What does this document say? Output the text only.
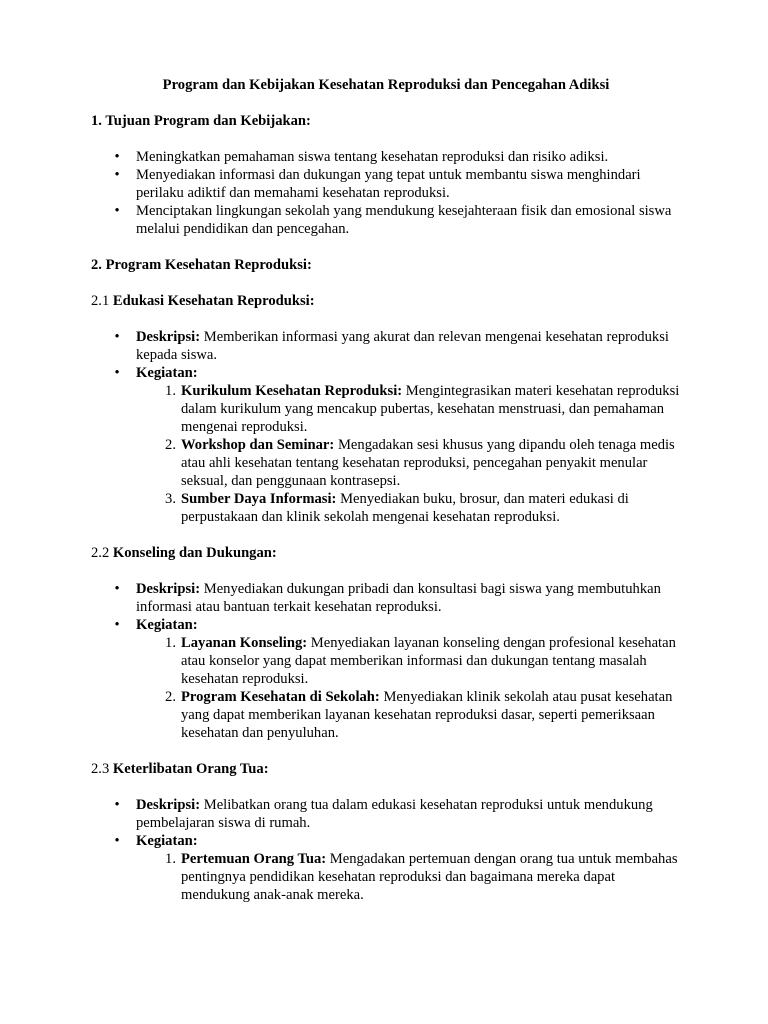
Program dan Kebijakan Kesehatan Reproduksi dan Pencegahan Adiksi
1. Tujuan Program dan Kebijakan:
•	Meningkatkan pemahaman siswa tentang kesehatan reproduksi dan risiko adiksi.
•	Menyediakan informasi dan dukungan yang tepat untuk membantu siswa menghindari perilaku adiktif dan memahami kesehatan reproduksi.
•	Menciptakan lingkungan sekolah yang mendukung kesejahteraan fisik dan emosional siswa melalui pendidikan dan pencegahan.
2. Program Kesehatan Reproduksi:
2.1 Edukasi Kesehatan Reproduksi:
•	Deskripsi: Memberikan informasi yang akurat dan relevan mengenai kesehatan reproduksi kepada siswa.
•	Kegiatan:
1. Kurikulum Kesehatan Reproduksi: Mengintegrasikan materi kesehatan reproduksi dalam kurikulum yang mencakup pubertas, kesehatan menstruasi, dan pemahaman mengenai reproduksi.
2. Workshop dan Seminar: Mengadakan sesi khusus yang dipandu oleh tenaga medis atau ahli kesehatan tentang kesehatan reproduksi, pencegahan penyakit menular seksual, dan penggunaan kontrasepsi.
3. Sumber Daya Informasi: Menyediakan buku, brosur, dan materi edukasi di perpustakaan dan klinik sekolah mengenai kesehatan reproduksi.
2.2 Konseling dan Dukungan:
•	Deskripsi: Menyediakan dukungan pribadi dan konsultasi bagi siswa yang membutuhkan informasi atau bantuan terkait kesehatan reproduksi.
•	Kegiatan:
1. Layanan Konseling: Menyediakan layanan konseling dengan profesional kesehatan atau konselor yang dapat memberikan informasi dan dukungan tentang masalah kesehatan reproduksi.
2. Program Kesehatan di Sekolah: Menyediakan klinik sekolah atau pusat kesehatan yang dapat memberikan layanan kesehatan reproduksi dasar, seperti pemeriksaan kesehatan dan penyuluhan.
2.3 Keterlibatan Orang Tua:
•	Deskripsi: Melibatkan orang tua dalam edukasi kesehatan reproduksi untuk mendukung pembelajaran siswa di rumah.
•	Kegiatan:
1. Pertemuan Orang Tua: Mengadakan pertemuan dengan orang tua untuk membahas pentingnya pendidikan kesehatan reproduksi dan bagaimana mereka dapat mendukung anak-anak mereka.
